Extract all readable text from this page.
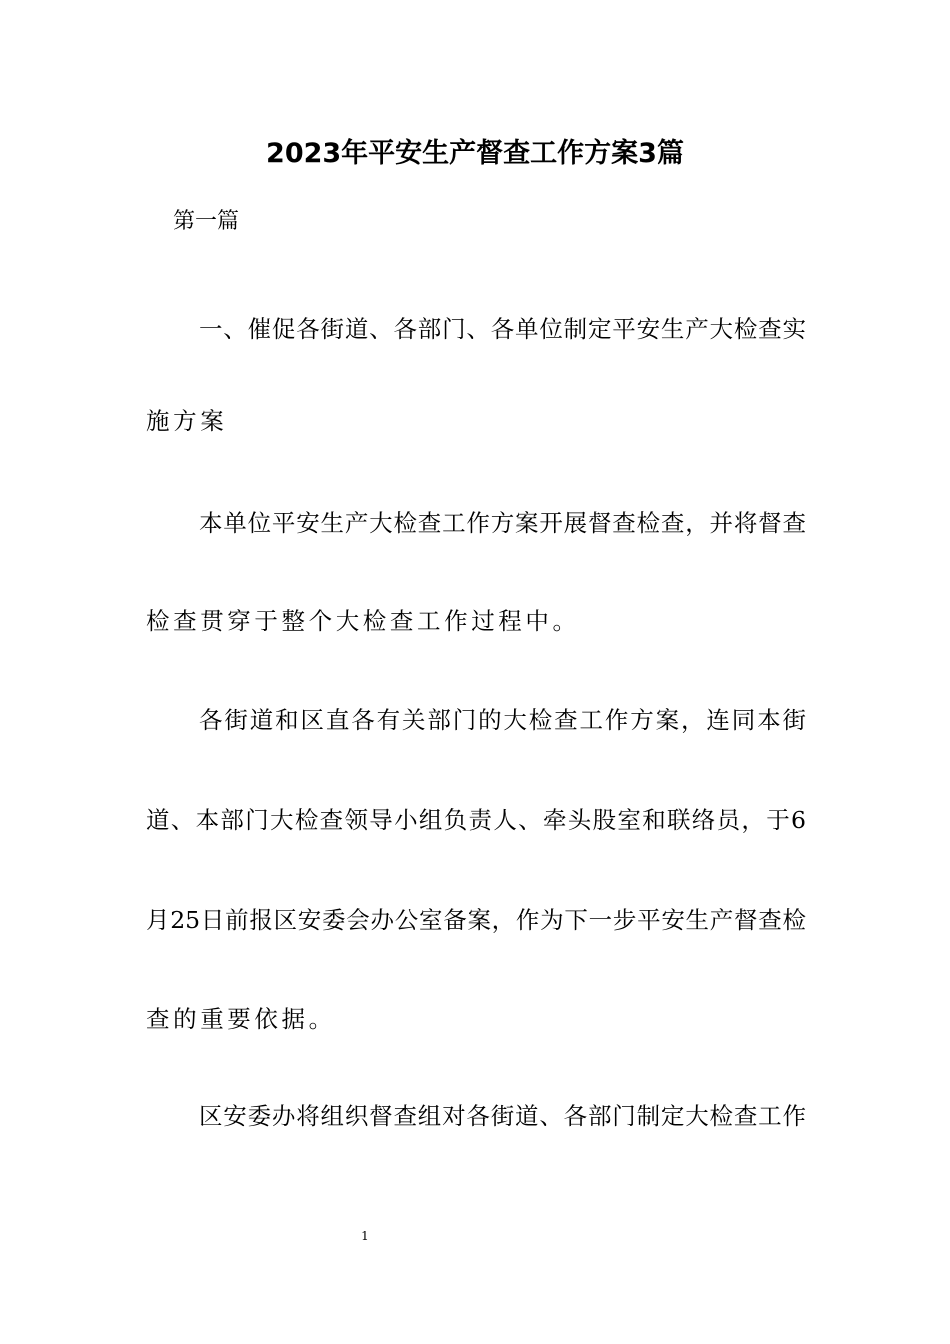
2023年平安生产督查工作方案3篇
第一篇
一、催促各街道、各部门、各单位制定平安生产大检查实
施方案
本单位平安生产大检查工作方案开展督查检查，并将督查
检查贯穿于整个大检查工作过程中。
各街道和区直各有关部门的大检查工作方案，连同本街
道、本部门大检查领导小组负责人、牵头股室和联络员，于6
月25日前报区安委会办公室备案，作为下一步平安生产督查检
查的重要依据。
区安委办将组织督查组对各街道、各部门制定大检查工作
1
